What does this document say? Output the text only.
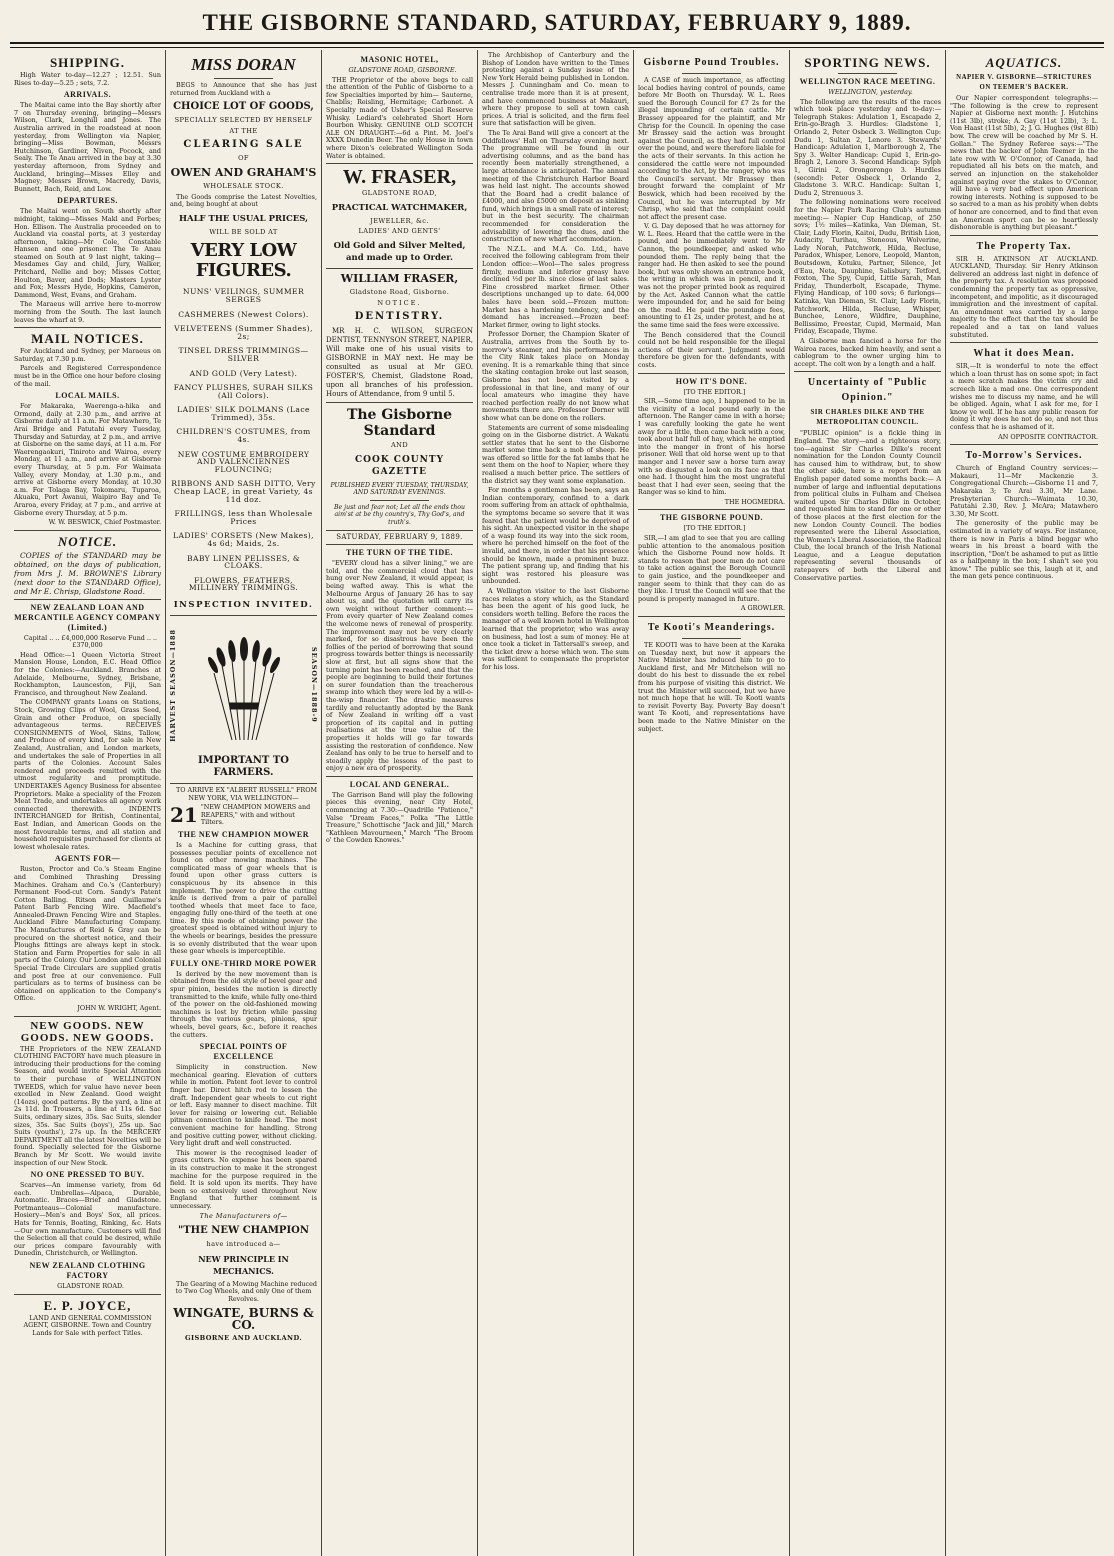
THE GISBORNE STANDARD, SATURDAY, FEBRUARY 9, 1889.
SHIPPING.

High Water to-day—12.27 ; 12.51. Sun Rises to-day—5.25 ; sets, 7.2.

ARRIVALS.

The Maitai came into the Bay shortly after 7 on Thursday evening, bringing—Messrs Wilson, Clark, Longhill and Jones. The Australia arrived in the roadstead at noon yesterday, from Wellington via Napier, bringing—Miss Bowman, Messrs Hutchinson, Gardiner, Niven, Pocock, and Sealy. The Te Anau arrived in the bay at 3.30 yesterday afternoon, from Sydney and Auckland, bringing—Misses Elley and Magney; Messrs Brown, Macredy, Davis, Bunnett, Bach, Reid, and Low.

DEPARTURES.

The Maitai went on South shortly after midnight, taking—Misses Makl and Forbes; Hon. Ellison. The Australia proceeded on to Auckland via coastal ports, at 3 yesterday afternoon, taking—Mr Cole, Constable Hansen and one prisoner. The Te Anau steamed on South at 9 last night, taking—Mesdames Gay and child, Jury, Walker, Pritchard, Nellie and boy; Misses Cotter, Houlton, Baver, and Dods; Masters Lyster and Fox; Messrs Hyde, Hopkins, Cameron, Dammond, West, Evans, and Graham.

The Maraeus will arrive here to-morrow morning from the South. The last launch leaves the wharf at 9.

MAIL NOTICES.

For Auckland and Sydney, per Maraeus on Saturday, at 7.30 p.m.

Parcels and Registered Correspondence must be in the Office one hour before closing of the mail.

LOCAL MAILS.

For Makaraka, Waerenga-a-hika and Ormond, daily at 2.30 p.m., and arrive at Gisborne daily at 11 a.m. For Matawhero, Te Arai Bridge and Patutahi every Tuesday, Thursday and Saturday, at 2 p.m., and arrive at Gisborne on the same days, at 11 a.m. For Waerengaokuri, Tiniroto and Wairoa, every Monday, at 11 a.m., and arrive at Gisborne every Thursday, at 5 p.m. For Waimata Valley, every Monday, at 1.30 p.m., and arrive at Gisborne every Monday, at 10.30 a.m. For Tolaga Bay, Tokomaru, Tuparoa, Akuaku, Port Awanui, Waipiro Bay and Te Araroa, every Friday, at 7 p.m., and arrive at Gisborne every Thursday, at 5 p.m.

W. W. BESWICK, Chief Postmaster.

NOTICE.

COPIES of the STANDARD may be obtained, on the days of publication, from Mrs J. M. BROWNE'S Library (next door to the STANDARD Office), and Mr E. Chrisp, Gladstone Road.

NEW ZEALAND LOAN AND MERCANTILE AGENCY COMPANY (Limited.)

Capital .. .. £4,000,000 Reserve Fund .. .. £370,000

Head Office:—1 Queen Victoria Street Mansion House, London, E.C. Head Office for the Colonies:—Auckland. Branches at Adelaide, Melbourne, Sydney, Brisbane, Rockhampton, Launceston, Fiji, San Francisco, and throughout New Zealand.

The COMPANY grants Loans on Stations, Stock, Growing Clips of Wool, Grass Seed, Grain and other Produce, on specially advantageous terms. RECEIVES CONSIGNMENTS of Wool, Skins, Tallow, and Produce of every kind, for sale in New Zealand, Australian, and London markets, and undertakes the sale of Properties in all parts of the Colonies. Account Sales rendered and proceeds remitted with the utmost regularity and promptitude. UNDERTAKES Agency Business for absentee Proprietors. Make a speciality of the Frozen Meat Trade, and undertakes all agency work connected therewith. INDENTS INTERCHANGED for British, Continental, East Indian, and American Goods on the most favourable terms, and all station and household requisites purchased for clients at lowest wholesale rates.

AGENTS FOR—

Ruston, Proctor and Co.'s Steam Engine and Combined Thrashing Dressing Machines. Graham and Co.'s (Canterbury) Permanent Food-cut Corn. Sandy's Patent Cotton Balling. Ritson and Guillaume's Patent Barb Fencing Wire. Macfield's Annealed-Drawn Fencing Wire and Staples. Auckland Fibre Manufacturing Company. The Manufactures of Reid & Gray can be procured on the shortest notice, and their Ploughs fittings are always kept in stock. Station and Farm Properties for sale in all parts of the Colony. Our London and Colonial Special Trade Circulars are supplied gratis and post free at our convenience. Full particulars as to terms of business can be obtained on application to the Company's Office.

JOHN W. WRIGHT, Agent.

NEW GOODS. NEW GOODS. NEW GOODS.

THE Proprietors of the NEW ZEALAND CLOTHING FACTORY have much pleasure in introducing their productions for the coming Season, and would invite Special Attention to their purchase of WELLINGTON TWEEDS, which for value have never been excelled in New Zealand. Good weight (14ozs), good patterns. By the yard, a line at 2s 11d. In Trousers, a line at 11s 6d. Sac Suits, ordinary sizes, 35s. Sac Suits, slender sizes, 35s. Sac Suits (boys'), 25s up. Sac Suits (youths'), 27s up. In the MERCERY DEPARTMENT all the latest Novelties will be found. Specially selected for the Gisborne Branch by Mr Scott. We would invite inspection of our New Stock.

NO ONE PRESSED TO BUY.

Scarves—An immense variety, from 6d each. Umbrellas—Alpaca, Durable, Automatic. Braces—Brief and Gladstone. Portmanteaus—Colonial manufacture. Hosiery—Men's and Boys' Sox, all prices. Hats for Tennis, Boating, Rinking, &c. Hats—Our own manufacture. Customers will find the Selection all that could be desired, while our prices compare favourably with Dunedin, Christchurch, or Wellington.

NEW ZEALAND CLOTHING FACTORY

GLADSTONE ROAD.

E. P. JOYCE,

LAND AND GENERAL COMMISSION AGENT, GISBORNE. Town and Country Lands for Sale with perfect Titles.

MISS DORAN

BEGS to Announce that she has just returned from Auckland with a

CHOICE LOT OF GOODS,
SPECIALLY SELECTED BY HERSELF
AT THE
CLEARING SALE
OF
OWEN AND GRAHAM'S
WHOLESALE STOCK.

The Goods comprise the Latest Novelties, and, being bought at about

HALF THE USUAL PRICES,
WILL BE SOLD AT
VERY LOW FIGURES.
NUNS' VEILINGS, SUMMER SERGES
CASHMERES (Newest Colors).
VELVETEENS (Summer Shades), 2s;
TINSEL DRESS TRIMMINGS—SILVER
AND GOLD (Very Latest).
FANCY PLUSHES, SURAH SILKS (All Colors).
LADIES' SILK DOLMANS (Lace Trimmed), 35s.
CHILDREN'S COSTUMES, from 4s.
NEW COSTUME EMBROIDERY AND VALENCIENNES FLOUNCING;
RIBBONS AND SASH DITTO, Very Cheap LACE, in great Variety, 4s 11d doz.
FRILLINGS, less than Wholesale Prices
LADIES' CORSETS (New Makes), 4s 6d; Maids, 2s.
BABY LINEN PELISSES, & CLOAKS.
FLOWERS, FEATHERS, MILLINERY TRIMMINGS.
INSPECTION INVITED.
HARVEST SEASON—1888	SEASON—1888-9
IMPORTANT TO FARMERS.

TO ARRIVE EX "ALBERT RUSSELL" FROM NEW YORK, VIA WELLINGTON—

21 "NEW CHAMPION MOWERS and REAPERS," with and without Tilters.
THE NEW CHAMPION MOWER

Is a Machine for cutting grass, that possesses peculiar points of excellence not found on other mowing machines. The complicated mass of gear wheels that is found upon other grass cutters is conspicuous by its absence in this implement. The power to drive the cutting knife is derived from a pair of parallel toothed wheels that meet face to face, engaging fully one-third of the teeth at one time. By this mode of obtaining power the greatest speed is obtained without injury to the wheels or bearings, besides the pressure is so evenly distributed that the wear upon these gear wheels is imperceptible.

FULLY ONE-THIRD MORE POWER

Is derived by the new movement than is obtained from the old style of bevel gear and spur pinion, besides the motion is directly transmitted to the knife, while fully one-third of the power on the old-fashioned mowing machines is lost by friction while passing through the various gears, pinions, spur wheels, bevel gears, &c., before it reaches the cutters.

SPECIAL POINTS OF EXCELLENCE

Simplicity in construction. New mechanical gearing. Elevation of cutters while in motion. Patent foot lever to control finger bar. Direct hitch rod to lessen the draft. Independent gear wheels to cut right or left. Easy manner to disect machine. Tilt lever for raising or lowering cut. Reliable pitman connection to knife head. The most convenient machine for handling. Strong and positive cutting power, without clicking. Very light draft and well constructed.

This mower is the recognised leader of grass cutters. No expense has been spared in its construction to make it the strongest machine for the purpose required in the field. It is sold upon its merits. They have been so extensively used throughout New England that further comment is unnecessary.

The Manufacturers of—
"THE NEW CHAMPION
have introduced a—
NEW PRINCIPLE IN MECHANICS.

The Gearing of a Mowing Machine reduced to Two Cog Wheels, and only One of them Revolves.

WINGATE, BURNS & CO.
GISBORNE AND AUCKLAND.
MASONIC HOTEL,

GLADSTONE ROAD, GISBORNE.

THE Proprietor of the above begs to call the attention of the Public of Gisborne to a few Specialties imported by him— Sauterne, Chablis; Reisling, Hermitage; Carbonet. A Specialty made of Usher's Special Reserve Whisky. Lediard's celebrated Short Horn Bourbon Whisky. GENUINE OLD SCOTCH ALE ON DRAUGHT:—6d a Pint. M. Joel's XXXX Dunedin Beer. The only House in town where Dixon's celebrated Wellington Soda Water is obtained.

W. FRASER,
GLADSTONE ROAD,
PRACTICAL WATCHMAKER,
JEWELLER, &c.
LADIES' AND GENTS'
Old Gold and Silver Melted, and made up to Order.
WILLIAM FRASER,
Gladstone Road, Gisborne.
NOTICE.
DENTISTRY.

MR H. C. WILSON, SURGEON DENTIST, TENNYSON STREET, NAPIER, Will make one of his usual visits to GISBORNE in MAY next. He may be consulted as usual at Mr GEO. FOSTER'S, Chemist, Gladstone Road, upon all branches of his profession. Hours of Attendance, from 9 until 5.

The Gisborne Standard
AND
COOK COUNTY GAZETTE
PUBLISHED EVERY TUESDAY, THURSDAY, AND SATURDAY EVENINGS.
Be just and fear not; Let all the ends thou aim'st at be thy country's, Thy God's, and truth's.
SATURDAY, FEBRUARY 9, 1889.
THE TURN OF THE TIDE.

"EVERY cloud has a silver lining," we are told, and the commercial cloud that has hung over New Zealand, it would appear, is being wafted away. This is what the Melbourne Argus of January 26 has to say about us, and the quotation will carry its own weight without further comment:— From every quarter of New Zealand comes the welcome news of renewal of prosperity. The improvement may not be very clearly marked, for so disastrous have been the follies of the period of borrowing that sound progress towards better things is necessarily slow at first, but all signs show that the turning point has been reached, and that the people are beginning to build their fortunes on surer foundation than the treacherous swamp into which they were led by a will-o-the-wisp financier. The drastic measures tardily and reluctantly adopted by the Bank of New Zealand in writing off a vast proportion of its capital and in putting realisations at the true value of the properties it holds will go far towards assisting the restoration of confidence. New Zealand has only to be true to herself and to steadily apply the lessons of the past to enjoy a new era of prosperity.

LOCAL AND GENERAL.

The Garrison Band will play the following pieces this evening, near City Hotel, commencing at 7.30:—Quadrille "Patience," Valse "Dream Faces," Polka "The Little Treasure," Schottische "Jack and Jill," March "Kathleen Mavourneen," March "The Broom o' the Cowden Knowes."

The Archbishop of Canterbury and the Bishop of London have written to the Times protesting against a Sunday issue of the New York Herald being published in London. Messrs J. Cunningham and Co. mean to centralise trade more than it is at present, and have commenced business at Makauri, where they propose to sell at town cash prices. A trial is solicited, and the firm feel sure that satisfaction will be given.

The Te Arai Band will give a concert at the Oddfellows' Hall on Thursday evening next. The programme will be found in our advertising columns, and as the band has recently been materially strengthened, a large attendance is anticipated. The annual meeting of the Christchurch Harbor Board was held last night. The accounts showed that the Board had a credit balance of £4000, and also £5000 on deposit as sinking fund, which brings in a small rate of interest; but in the best security. The chairman recommended for consideration the advisability of lowering the dues, and the construction of new wharf accommodation.

The N.Z.L. and M.A. Co. Ltd., have received the following cablegram from their London office:—Wool—The sales progress firmly, medium and inferior greasy have declined ½d per lb. since close of last sales. Fine crossbred market firmer. Other descriptions unchanged up to date. 64,000 bales have been sold.—Frozen mutton: Market has a hardening tendency, and the demand has increased.—Frozen beef: Market firmer, owing to light stocks.

Professor Dorner, the Champion Skater of Australia, arrives from the South by to-morrow's steamer, and his performances in the City Rink takes place on Monday evening. It is a remarkable thing that since the skating contagion broke out last season, Gisborne has not been visited by a professional in that line, and many of our local amateurs who imagine they have reached perfection really do not know what movements there are. Professor Dorner will show what can be done on the rollers.

Statements are current of some misdealing going on in the Gisborne district. A Wakatu settler states that he sent to the Gisborne market some time back a mob of sheep. He was offered so little for the fat lambs that he sent them on the hoof to Napier, where they realised a much better price. The settlers of the district say they want some explanation.

For months a gentleman has been, says an Indian contemporary, confined to a dark room suffering from an attack of ophthalmia, the symptoms became so severe that it was feared that the patient would be deprived of his sight. An unexpected visitor in the shape of a wasp found its way into the sick room, where he perched himself on the foot of the invalid, and there, in order that his presence should be known, made a prominent buzz. The patient sprang up, and finding that his sight was restored his pleasure was unbounded.

A Wellington visitor to the last Gisborne races relates a story which, as the Standard has been the agent of his good luck, he considers worth telling. Before the races the manager of a well known hotel in Wellington learned that the proprietor, who was away on business, had lost a sum of money. He at once took a ticket in Tattersall's sweep, and the ticket drew a horse which won. The sum was sufficient to compensate the proprietor for his loss.

Gisborne Pound Troubles.

A CASE of much importance, as affecting local bodies having control of pounds, came before Mr Booth on Thursday. W. L. Rees sued the Borough Council for £7 2s for the illegal impounding of certain cattle. Mr Brassey appeared for the plaintiff, and Mr Chrisp for the Council. In opening the case Mr Brassey said the action was brought against the Council, as they had full control over the pound, and were therefore liable for the acts of their servants. In this action he considered the cattle were not impounded according to the Act, by the ranger, who was the Council's servant. Mr Brassey then brought forward the complaint of Mr Beswick, which had been received by the Council, but he was interrupted by Mr Chrisp, who said that the complaint could not affect the present case.

V. G. Day deposed that he was attorney for W. L. Rees. Heard that the cattle were in the pound, and he immediately went to Mr Cannon, the poundkeeper, and asked who pounded them. The reply being that the ranger had. He then asked to see the pound book, but was only shown an entrance book, the writing in which was in pencil, and it was not the proper printed book as required by the Act. Asked Cannon what the cattle were impounded for, and he said for being on the road. He paid the poundage fees, amounting to £1 2s, under protest, and he at the same time said the fees were excessive.

The Bench considered that the Council could not be held responsible for the illegal actions of their servant. Judgment would therefore be given for the defendants, with costs.

HOW IT'S DONE.

[TO THE EDITOR.]

SIR,—Some time ago, I happened to be in the vicinity of a local pound early in the afternoon. The Ranger came in with a horse; I was carefully looking the gate he went away for a little, then came back with a cow, took about half full of hay, which he emptied into the manger in front of his horse prisoner. Well that old horse went up to that manger and I never saw a horse turn away with so disgusted a look on its face as that one had. I thought him the most ungrateful beast that I had ever seen, seeing that the Ranger was so kind to him.

THE HOGMEDRA.

THE GISBORNE POUND.

[TO THE EDITOR.]

SIR,—I am glad to see that you are calling public attention to the anomalous position which the Gisborne Pound now holds. It stands to reason that poor men do not care to take action against the Borough Council to gain justice, and the poundkeeper and ranger seem to think that they can do as they like. I trust the Council will see that the pound is properly managed in future.

A GROWLER.

Te Kooti's Meanderings.

TE KOOTI was to have been at the Karaka on Tuesday next, but now it appears the Native Minister has induced him to go to Auckland first, and Mr Mitchelson will no doubt do his best to dissuade the ex rebel from his purpose of visiting this district. We trust the Minister will succeed, but we have not much hope that he will. Te Kooti wants to revisit Poverty Bay. Poverty Bay doesn't want Te Kooti, and representations have been made to the Native Minister on the subject.

SPORTING NEWS.
WELLINGTON RACE MEETING.

WELLINGTON, yesterday.

The following are the results of the races which took place yesterday and to-day:— Telegraph Stakes: Adulation 1, Escapade 2, Erin-go-Bragh 3. Hurdles: Gladstone 1, Orlando 2, Peter Osbeck 3. Wellington Cup: Dudu 1, Sultan 2, Lenore 3. Stewards' Handicap: Adulation 1, Marlborough 2, The Spy 3. Welter Handicap: Cupid 1, Erin-go-Bragh 2, Lenore 3. Second Handicap: Sylph 1, Girini 2, Orongorongo 3. Hurdles (second): Peter Osbeck 1, Orlando 2, Gladstone 3. W.R.C. Handicap: Sultan 1, Dudu 2, Strenuous 3.

The following nominations were received for the Napier Park Racing Club's autumn meeting:— Napier Cup Handicap, of 250 sovs; 1½ miles—Katinka, Van Dieman, St. Clair, Lady Florin, Kaitoi, Dudu, British Lion, Audacity, Turihau, Steneous, Wolverine, Lady Norah, Patchwork, Hilda, Recluse, Paradox, Whisper, Lenore, Leopold, Manton, Boutsdown, Kotuku, Partner, Silence, Jet d'Eau, Neta, Dauphine, Salisbury, Tetford, Foxton, The Spy, Cupid, Little Sarah, Man Friday, Thunderbolt, Escapade, Thyme. Flying Handicap, of 100 sovs; 6 furlongs—Katinka, Van Dieman, St. Clair, Lady Florin, Patchwork, Hilda, Recluse, Whisper, Bunchee, Lenore, Wildfire, Dauphine, Bellissimo, Freestar, Cupid, Mermaid, Man Friday, Escapade, Thyme.

A Gisborne man fancied a horse for the Wairoa races, backed him heavily, and sent a cablegram to the owner urging him to accept. The colt won by a length and a half.

Uncertainty of "Public Opinion."
SIR CHARLES DILKE AND THE METROPOLITAN COUNCIL.

"PUBLIC opinion" is a fickle thing in England. The story—and a righteous story, too—against Sir Charles Dilke's recent nomination for the London County Council has caused him to withdraw, but, to show the other side, here is a report from an English paper dated some months back:— A number of large and influential deputations from political clubs in Fulham and Chelsea waited upon Sir Charles Dilke in October, and requested him to stand for one or other of those places at the first election for the new London County Council. The bodies represented were the Liberal Association, the Women's Liberal Association, the Radical Club, the local branch of the Irish National League, and a League deputation representing several thousands of ratepayers of both the Liberal and Conservative parties.

AQUATICS.
NAPIER V. GISBORNE—STRICTURES ON TEEMER'S BACKER.

Our Napier correspondent telegraphs:— "The following is the crew to represent Napier at Gisborne next month: J. Hutchins (11st 3lb), stroke; A. Gay (11st 12lb), 3; L. Von Haast (11st 5lb), 2; J. G. Hughes (9st 8lb) bow. The crew will be coached by Mr S. H. Gollan." The Sydney Referee says:—"The news that the backer of John Teemer in the late row with W. O'Connor, of Canada, had repudiated all his bets on the match, and served an injunction on the stakeholder against paying over the stakes to O'Connor, will have a very bad effect upon American rowing interests. Nothing is supposed to be so sacred to a man as his probity when debts of honor are concerned, and to find that even an American sport can be so heartlessly dishonorable is anything but pleasant."

The Property Tax.

SIR H. ATKINSON AT AUCKLAND. AUCKLAND, Thursday. Sir Henry Atkinson delivered an address last night in defence of the property tax. A resolution was proposed condemning the property tax as oppressive, incompetent, and impolitic, as it discouraged immigration and the investment of capital. An amendment was carried by a large majority to the effect that the tax should be repealed and a tax on land values substituted.

What it does Mean.

SIR,—It is wonderful to note the effect which a loan thrust has on some spot; in fact a mere scratch makes the victim cry and screech like a mad one. One correspondent wishes me to discuss my name, and he will be obliged. Again, what I ask for me, for I know ye well. If he has any public reason for doing it why does he not do so, and not thus confess that he is ashamed of it.

AN OPPOSITE CONTRACTOR.

To-Morrow's Services.

Church of England Country services:—Makauri, 11—Mr Mackenzie 3. Congregational Church:—Gisborne 11 and 7, Makaraka 3; Te Arai 3.30, Mr Lane. Presbyterian Church:—Waimata 10.30, Patutahi 2.30, Rev. J. McAra; Matawhero 3.30, Mr Scott.

The generosity of the public may be estimated in a variety of ways. For instance, there is now in Paris a blind beggar who wears in his breast a board with the inscription, "Don't be ashamed to put as little as a halfpenny in the box; I shan't see you know." The public see this, laugh at it, and the man gets pence continuous.
